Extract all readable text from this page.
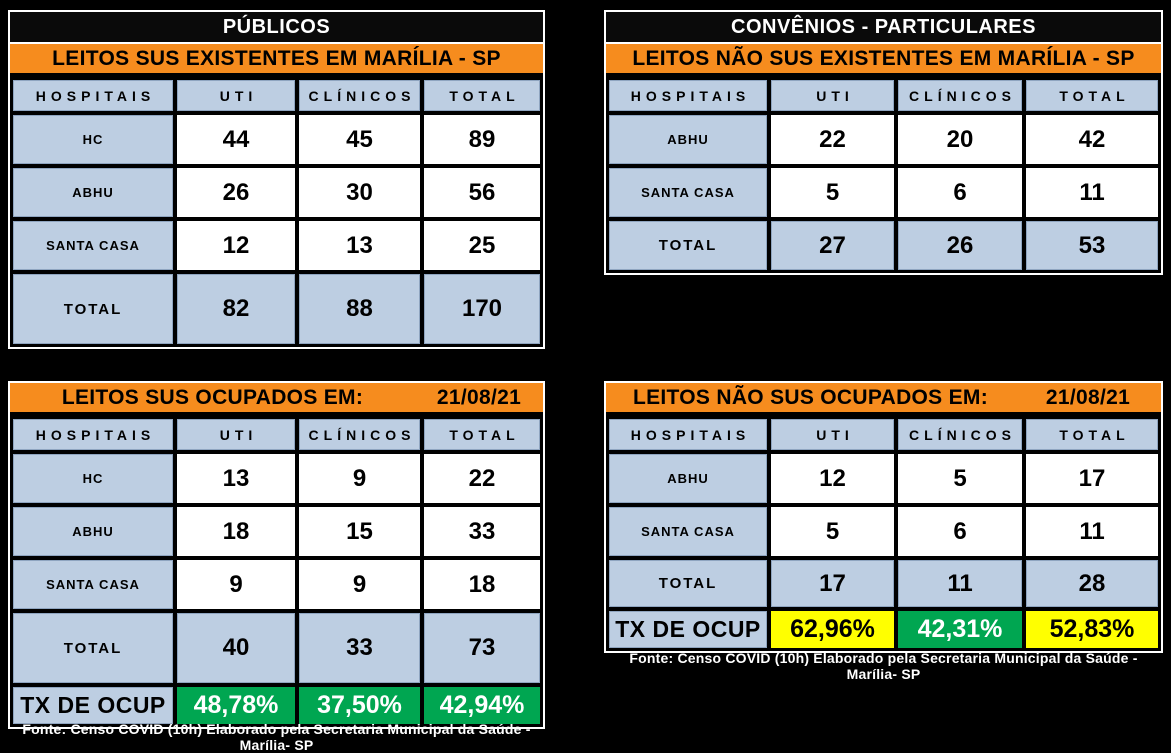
PÚBLICOS
LEITOS SUS EXISTENTES EM MARÍLIA - SP
HOSPITAIS	UTI	CLÍNICOS	TOTAL
HC	44	45	89
ABHU	26	30	56
SANTA CASA	12	13	25
TOTAL	82	88	170
CONVÊNIOS - PARTICULARES
LEITOS NÃO SUS EXISTENTES EM MARÍLIA - SP
HOSPITAIS	UTI	CLÍNICOS	TOTAL
ABHU	22	20	42
SANTA CASA	5	6	11
TOTAL	27	26	53
LEITOS SUS OCUPADOS EM:	21/08/21
HOSPITAIS	UTI	CLÍNICOS	TOTAL
HC	13	9	22
ABHU	18	15	33
SANTA CASA	9	9	18
TOTAL	40	33	73
TX DE OCUP	48,78%	37,50%	42,94%
LEITOS NÃO SUS OCUPADOS EM:	21/08/21
HOSPITAIS	UTI	CLÍNICOS	TOTAL
ABHU	12	5	17
SANTA CASA	5	6	11
TOTAL	17	11	28
TX DE OCUP	62,96%	42,31%	52,83%
Fonte: Censo COVID (10h) Elaborado pela Secretaria Municipal da Saúde - Marília- SP
Fonte: Censo COVID (10h) Elaborado pela Secretaria Municipal da Saúde - Marília- SP
